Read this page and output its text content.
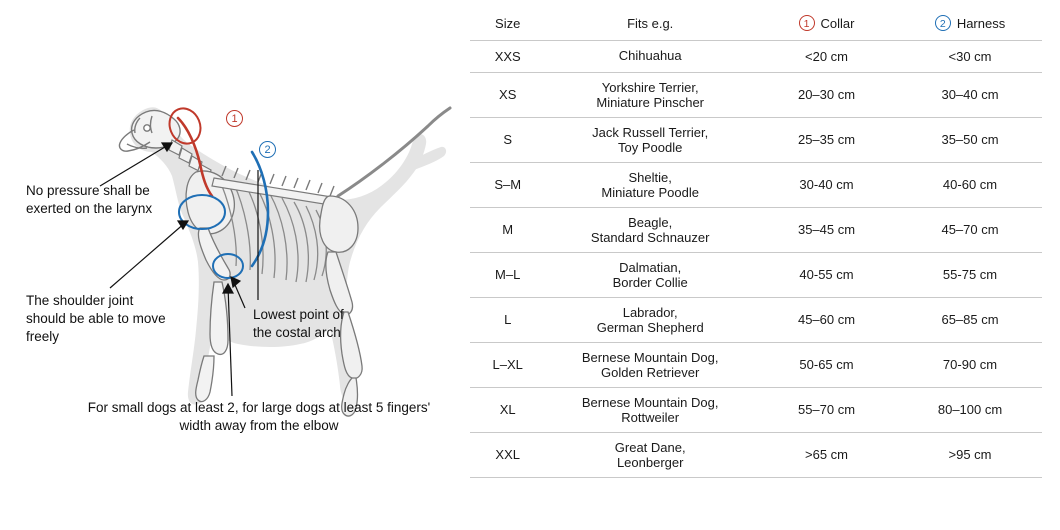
1
2
No pressure shall be exerted on the larynx
The shoulder joint should be able to move freely
Lowest point of the costal arch
For small dogs at least 2, for large dogs at least 5 fingers' width away from the elbow
Size	Fits e.g.	1 Collar	2 Harness

XXS	Chihuahua	<20 cm	<30 cm
XS	Yorkshire Terrier,
Miniature Pinscher	20–30 cm	30–40 cm
S	Jack Russell Terrier,
Toy Poodle	25–35 cm	35–50 cm
S–M	Sheltie,
Miniature Poodle	30-40 cm	40-60 cm
M	Beagle,
Standard Schnauzer	35–45 cm	45–70 cm
M–L	Dalmatian,
Border Collie	40-55 cm	55-75 cm
L	Labrador,
German Shepherd	45–60 cm	65–85 cm
L–XL	Bernese Mountain Dog,
Golden Retriever	50-65 cm	70-90 cm
XL	Bernese Mountain Dog,
Rottweiler	55–70 cm	80–100 cm
XXL	Great Dane,
Leonberger	>65 cm	>95 cm
